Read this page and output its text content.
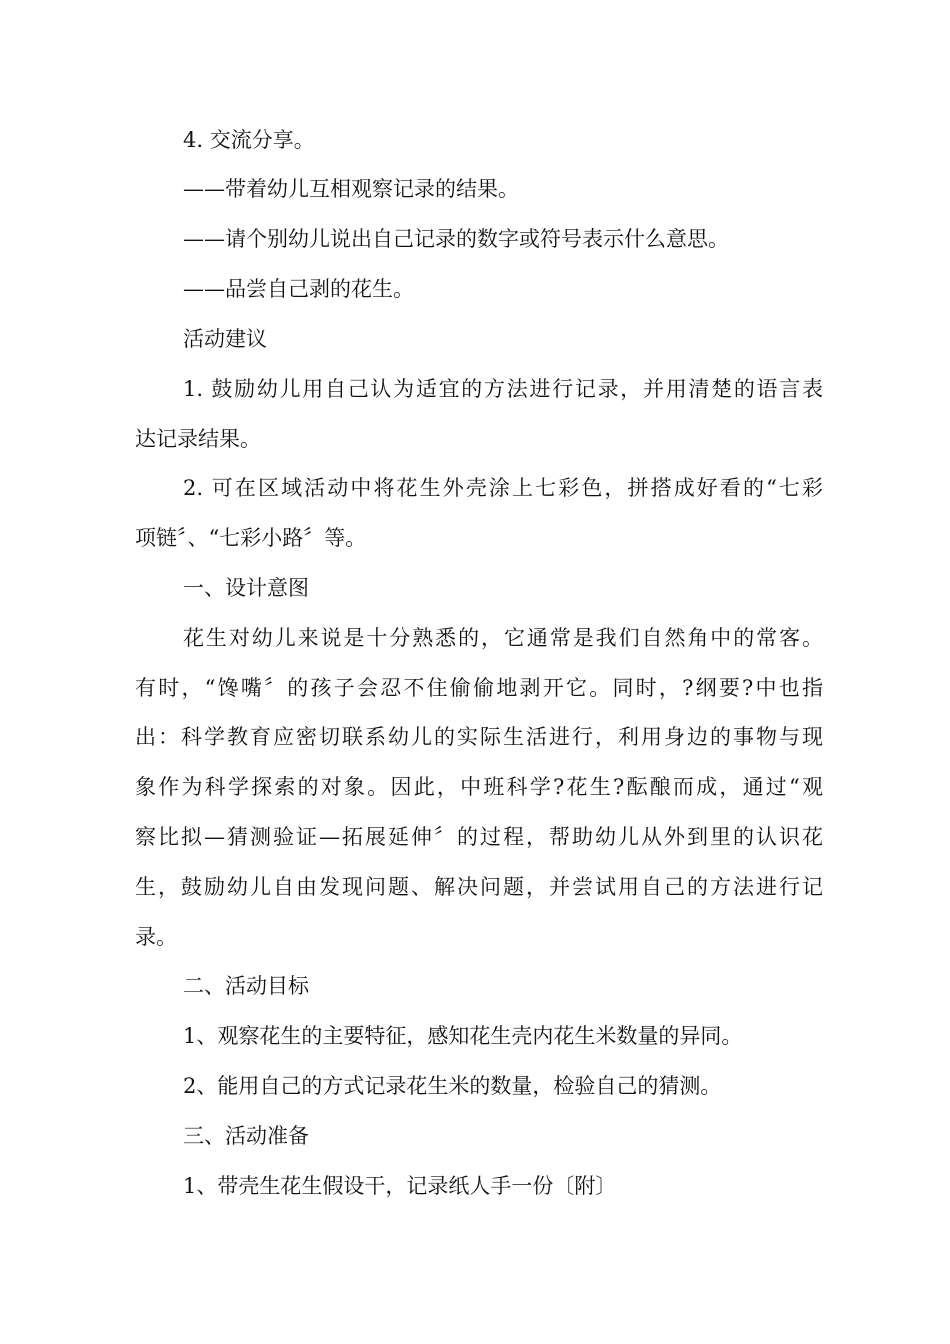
4. 交流分享。

——带着幼儿互相观察记录的结果。

——请个别幼儿说出自己记录的数字或符号表示什么意思。

——品尝自己剥的花生。

活动建议

1. 鼓励幼儿用自己认为适宜的方法进行记录，并用清楚的语言表

达记录结果。

2. 可在区域活动中将花生外壳涂上七彩色，拼搭成好看的“七彩

项链〞、“七彩小路〞等。

一、设计意图

花生对幼儿来说是十分熟悉的，它通常是我们自然角中的常客。

有时，“馋嘴〞的孩子会忍不住偷偷地剥开它。同时，?纲要?中也指

出：科学教育应密切联系幼儿的实际生活进行，利用身边的事物与现

象作为科学探索的对象。因此，中班科学?花生?酝酿而成，通过“观

察比拟—猜测验证—拓展延伸〞的过程，帮助幼儿从外到里的认识花

生，鼓励幼儿自由发现问题、解决问题，并尝试用自己的方法进行记

录。

二、活动目标

1、观察花生的主要特征，感知花生壳内花生米数量的异同。

2、能用自己的方式记录花生米的数量，检验自己的猜测。

三、活动准备

1、带壳生花生假设干，记录纸人手一份〔附〕
